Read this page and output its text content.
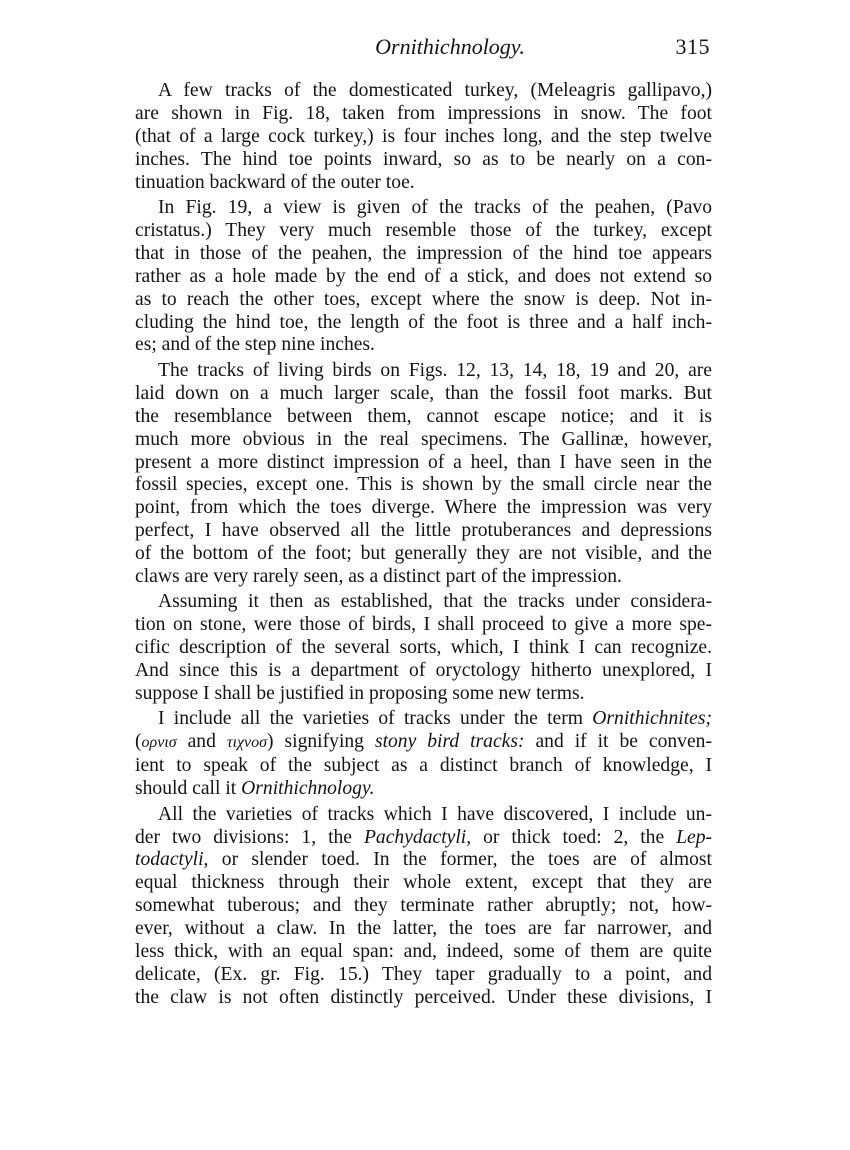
Ornithichnology.	315
A few tracks of the domesticated turkey, (Meleagris gallipavo,)
are shown in Fig. 18, taken from impressions in snow. The foot
(that of a large cock turkey,) is four inches long, and the step twelve
inches. The hind toe points inward, so as to be nearly on a con-
tinuation backward of the outer toe.
In Fig. 19, a view is given of the tracks of the peahen, (Pavo
cristatus.) They very much resemble those of the turkey, except
that in those of the peahen, the impression of the hind toe appears
rather as a hole made by the end of a stick, and does not extend so
as to reach the other toes, except where the snow is deep. Not in-
cluding the hind toe, the length of the foot is three and a half inch-
es; and of the step nine inches.
The tracks of living birds on Figs. 12, 13, 14, 18, 19 and 20, are
laid down on a much larger scale, than the fossil foot marks. But
the resemblance between them, cannot escape notice; and it is
much more obvious in the real specimens. The Gallinæ, however,
present a more distinct impression of a heel, than I have seen in the
fossil species, except one. This is shown by the small circle near the
point, from which the toes diverge. Where the impression was very
perfect, I have observed all the little protuberances and depressions
of the bottom of the foot; but generally they are not visible, and the
claws are very rarely seen, as a distinct part of the impression.
Assuming it then as established, that the tracks under considera-
tion on stone, were those of birds, I shall proceed to give a more spe-
cific description of the several sorts, which, I think I can recognize.
And since this is a department of oryctology hitherto unexplored, I
suppose I shall be justified in proposing some new terms.
I include all the varieties of tracks under the term Ornithichnites;
(ορνισ and τιχνοσ) signifying stony bird tracks: and if it be conven-
ient to speak of the subject as a distinct branch of knowledge, I
should call it Ornithichnology.
All the varieties of tracks which I have discovered, I include un-
der two divisions: 1, the Pachydactyli, or thick toed: 2, the Lep-
todactyli, or slender toed. In the former, the toes are of almost
equal thickness through their whole extent, except that they are
somewhat tuberous; and they terminate rather abruptly; not, how-
ever, without a claw. In the latter, the toes are far narrower, and
less thick, with an equal span: and, indeed, some of them are quite
delicate, (Ex. gr. Fig. 15.) They taper gradually to a point, and
the claw is not often distinctly perceived. Under these divisions, I
